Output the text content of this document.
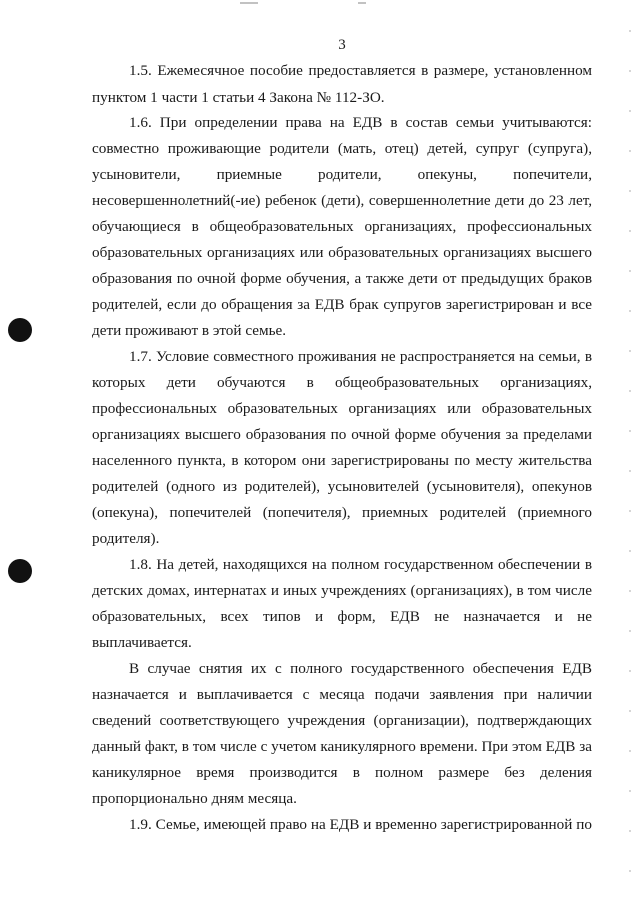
3
1.5. Ежемесячное пособие предоставляется в размере, установленном
пунктом 1 части 1 статьи 4 Закона № 112-ЗО.
1.6. При определении права на ЕДВ в состав семьи учитываются:
совместно проживающие родители (мать, отец) детей, супруг (супруга),
усыновители, приемные родители, опекуны, попечители,
несовершеннолетний(-ие) ребенок (дети), совершеннолетние дети до 23 лет,
обучающиеся в общеобразовательных организациях, профессиональных
образовательных организациях или образовательных организациях высшего
образования по очной форме обучения, а также дети от предыдущих браков
родителей, если до обращения за ЕДВ брак супругов зарегистрирован и все
дети проживают в этой семье.
1.7. Условие совместного проживания не распространяется на семьи, в
которых дети обучаются в общеобразовательных организациях,
профессиональных образовательных организациях или образовательных
организациях высшего образования по очной форме обучения за пределами
населенного пункта, в котором они зарегистрированы по месту жительства
родителей (одного из родителей), усыновителей (усыновителя), опекунов
(опекуна), попечителей (попечителя), приемных родителей (приемного
родителя).
1.8. На детей, находящихся на полном государственном обеспечении в
детских домах, интернатах и иных учреждениях (организациях), в том числе
образовательных, всех типов и форм, ЕДВ не назначается и не
выплачивается.
В случае снятия их с полного государственного обеспечения ЕДВ
назначается и выплачивается с месяца подачи заявления при наличии
сведений соответствующего учреждения (организации), подтверждающих
данный факт, в том числе с учетом каникулярного времени. При этом ЕДВ за
каникулярное время производится в полном размере без деления
пропорционально дням месяца.
1.9. Семье, имеющей право на ЕДВ и временно зарегистрированной по
